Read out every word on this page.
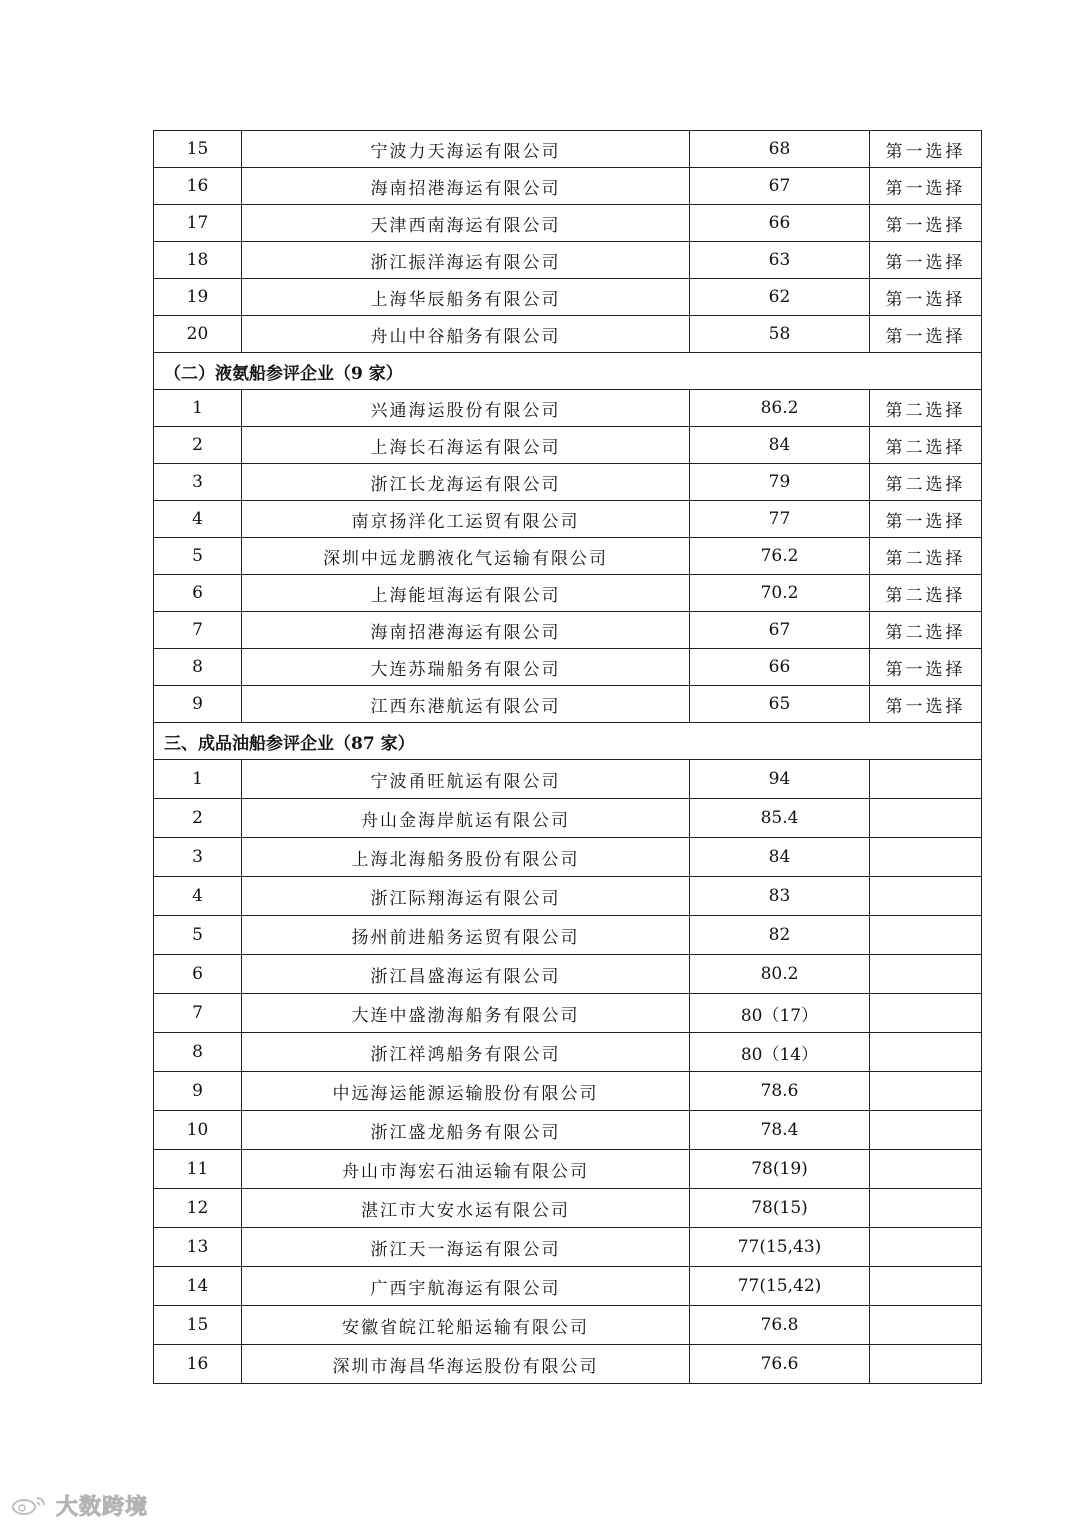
15	宁波力天海运有限公司	68	第一选择
16	海南招港海运有限公司	67	第一选择
17	天津西南海运有限公司	66	第一选择
18	浙江振洋海运有限公司	63	第一选择
19	上海华辰船务有限公司	62	第一选择
20	舟山中谷船务有限公司	58	第一选择
（二）液氨船参评企业（9 家）			
1	兴通海运股份有限公司	86.2	第二选择
2	上海长石海运有限公司	84	第二选择
3	浙江长龙海运有限公司	79	第二选择
4	南京扬洋化工运贸有限公司	77	第一选择
5	深圳中远龙鹏液化气运输有限公司	76.2	第二选择
6	上海能垣海运有限公司	70.2	第二选择
7	海南招港海运有限公司	67	第二选择
8	大连苏瑞船务有限公司	66	第一选择
9	江西东港航运有限公司	65	第一选择
三、成品油船参评企业（87 家）			
1	宁波甬旺航运有限公司	94	
2	舟山金海岸航运有限公司	85.4	
3	上海北海船务股份有限公司	84	
4	浙江际翔海运有限公司	83	
5	扬州前进船务运贸有限公司	82	
6	浙江昌盛海运有限公司	80.2	
7	大连中盛渤海船务有限公司	80（17）	
8	浙江祥鸿船务有限公司	80（14）	
9	中远海运能源运输股份有限公司	78.6	
10	浙江盛龙船务有限公司	78.4	
11	舟山市海宏石油运输有限公司	78(19)	
12	湛江市大安水运有限公司	78(15)	
13	浙江天一海运有限公司	77(15,43)	
14	广西宇航海运有限公司	77(15,42)	
15	安徽省皖江轮船运输有限公司	76.8	
16	深圳市海昌华海运股份有限公司	76.6	
大数跨境
